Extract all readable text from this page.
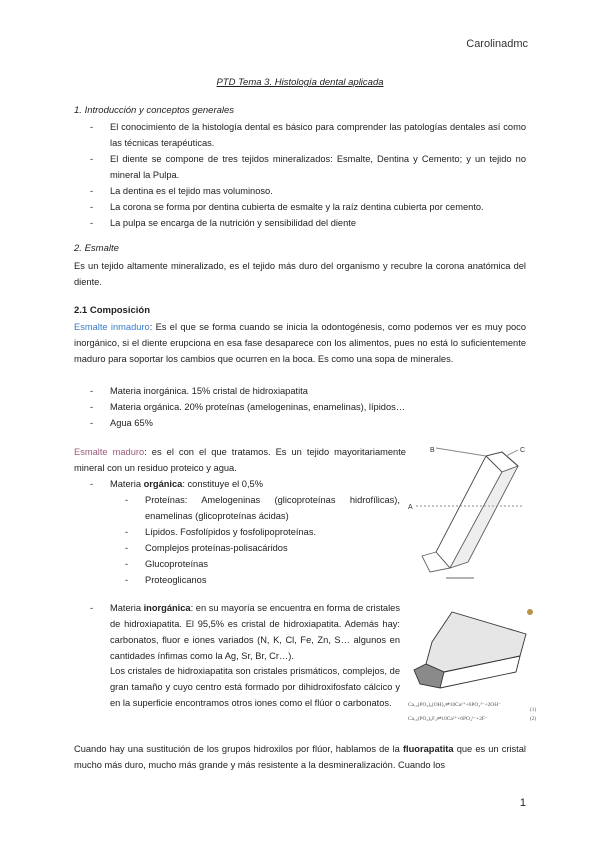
Carolinadmc
PTD Tema 3. Histología dental aplicada
1. Introducción y conceptos generales
- El conocimiento de la histología dental es básico para comprender las patologías dentales así como las técnicas terapéuticas.
- El diente se compone de tres tejidos mineralizados: Esmalte, Dentina y Cemento; y un tejido no mineral la Pulpa.
- La dentina es el tejido mas voluminoso.
- La corona se forma por dentina cubierta de esmalte y la raíz dentina cubierta por cemento.
- La pulpa se encarga de la nutrición y sensibilidad del diente
2. Esmalte
Es un tejido altamente mineralizado, es el tejido más duro del organismo y recubre la corona anatómica del diente.
2.1 Composición
Esmalte inmaduro: Es el que se forma cuando se inicia la odontogénesis, como podemos ver es muy poco inorgánico, si el diente erupciona en esa fase desaparece con los alimentos, pues no está lo suficientemente maduro para soportar los cambios que ocurren en la boca. Es como una sopa de minerales.
- Materia inorgánica. 15% cristal de hidroxiapatita
- Materia orgánica. 20% proteínas (amelogeninas, enamelinas), lípidos…
- Agua 65%
Esmalte maduro: es el con el que tratamos. Es un tejido mayoritariamente mineral con un residuo proteico y agua.
- Materia orgánica: constituye el 0,5%
- Proteínas: Amelogeninas (glicoproteínas hidrofílicas), enamelinas (glicoproteínas ácidas)
- Lípidos. Fosfolípidos y fosfolipoproteínas.
- Complejos proteínas-polisacáridos
- Glucoproteínas
- Proteoglicanos
- Materia inorgánica: en su mayoría se encuentra en forma de cristales de hidroxiapatita. El 95,5% es cristal de hidroxiapatita. Además hay: carbonatos, fluor e iones variados (N, K, Cl, Fe, Zn, S… algunos en cantidades ínfimas como la Ag, Sr, Br, Cr…).
Los cristales de hidroxiapatita son cristales prismáticos, complejos, de gran tamaño y cuyo centro está formado por dihidroxifosfato cálcico y en la superficie encontramos otros iones como el flúor o carbonatos.
A
B	C
Ca₁₀(PO₄)₆(OH)₂⇌10Ca²⁺+6PO₄³⁻+2OH⁻
(1)
Ca₁₀(PO₄)₆F₂⇌10Ca²⁺+6PO₄³⁻+2F⁻	(2)
Cuando hay una sustitución de los grupos hidroxilos por flúor, hablamos de la fluorapatita que es un cristal mucho más duro, mucho más grande y más resistente a la desmineralización. Cuando los
1
